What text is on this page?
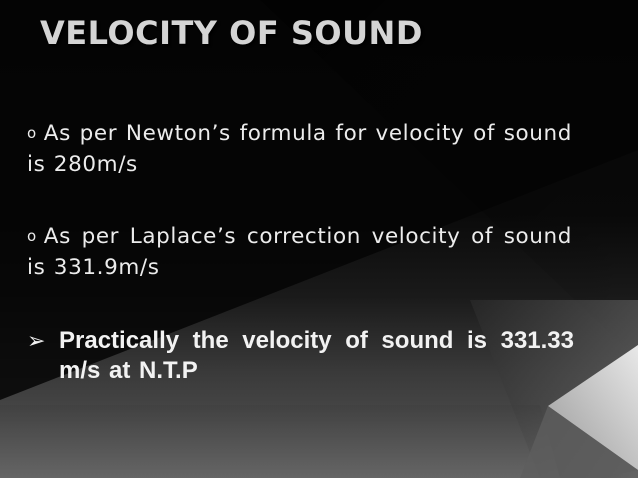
VELOCITY OF SOUND

o As per Newton’s formula for velocity of sound is 280m/s

o As per Laplace’s correction velocity of sound is 331.9m/s

➢ Practically the velocity of sound is 331.33 m/s at N.T.P
